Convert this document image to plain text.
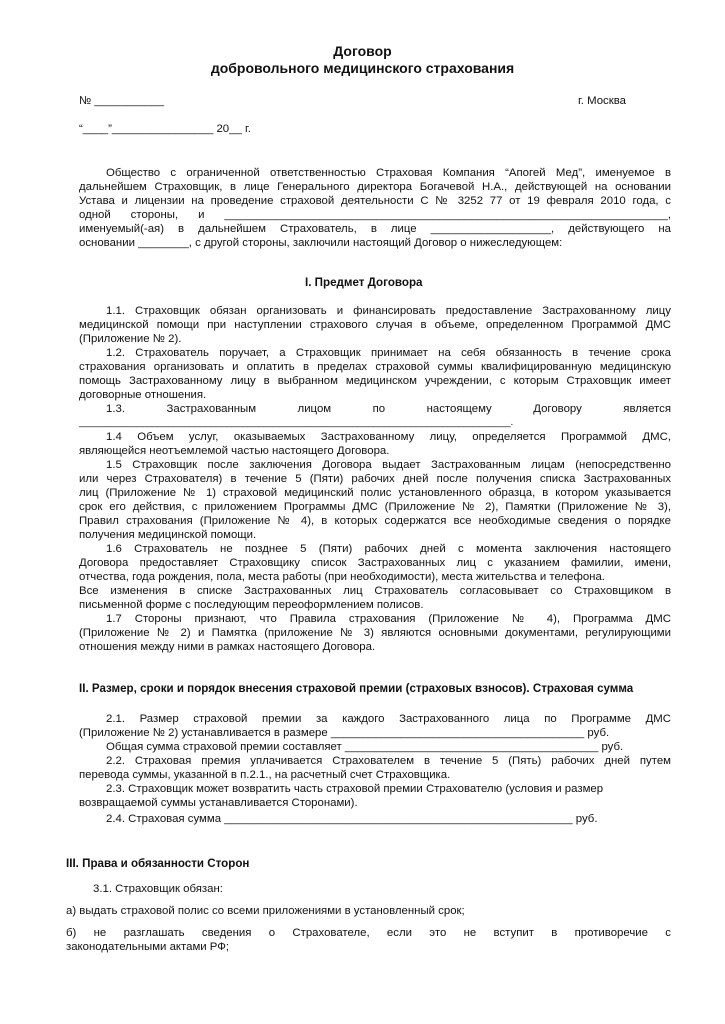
Договор
добровольного медицинского страхования
№ ___________	г. Москва
“____”________________ 20__ г.
Общество с ограниченной ответственностью Страховая Компания “Апогей Мед”, именуемое в
дальнейшем Страховщик, в лице Генерального директора Богачевой Н.А., действующей на основании
Устава и лицензии на проведение страховой деятельности С № 3252 77 от 19 февраля 2010 года, с
одной стороны, и ______________________________________________________________________,
именуемый(-ая) в дальнейшем Страхователь, в лице ___________________, действующего на
основании ________, с другой стороны, заключили настоящий Договор о нижеследующем:
I. Предмет Договора
1.1. Страховщик обязан организовать и финансировать предоставление Застрахованному лицу
медицинской помощи при наступлении страхового случая в объеме, определенном Программой ДМС
(Приложение № 2).
1.2. Страхователь поручает, а Страховщик принимает на себя обязанность в течение срока
страхования организовать и оплатить в пределах страховой суммы квалифицированную медицинскую
помощь Застрахованному лицу в выбранном медицинском учреждении, с которым Страховщик имеет
договорные отношения.
1.3. Застрахованным лицом по настоящему Договору является
__________________________________________________________________________________.
1.4 Объем услуг, оказываемых Застрахованному лицу, определяется Программой ДМС,
являющейся неотъемлемой частью настоящего Договора.
1.5 Страховщик после заключения Договора выдает Застрахованным лицам (непосредственно
или через Страхователя) в течение 5 (Пяти) рабочих дней после получения списка Застрахованных
лиц (Приложение № 1) страховой медицинский полис установленного образца, в котором указывается
срок его действия, с приложением Программы ДМС (Приложение № 2), Памятки (Приложение № 3),
Правил страхования (Приложение № 4), в которых содержатся все необходимые сведения о порядке
получения медицинской помощи.
1.6 Страхователь не позднее 5 (Пяти) рабочих дней с момента заключения настоящего
Договора предоставляет Страховщику список Застрахованных лиц с указанием фамилии, имени,
отчества, года рождения, пола, места работы (при необходимости), места жительства и телефона.
Все изменения в списке Застрахованных лиц Страхователь согласовывает со Страховщиком в
письменной форме с последующим переоформлением полисов.
1.7 Стороны признают, что Правила страхования (Приложение № 4), Программа ДМС
(Приложение № 2) и Памятка (приложение № 3) являются основными документами, регулирующими
отношения между ними в рамках настоящего Договора.
II. Размер, сроки и порядок внесения страховой премии (страховых взносов). Страховая сумма
2.1. Размер страховой премии за каждого Застрахованного лица по Программе ДМС
(Приложение № 2) устанавливается в размере ________________________________________ руб.
Общая сумма страховой премии составляет ________________________________________ руб.
2.2. Страховая премия уплачивается Страхователем в течение 5 (Пять) рабочих дней путем
перевода суммы, указанной в п.2.1., на расчетный счет Страховщика.
2.3. Страховщик может возвратить часть страховой премии Страхователю (условия и размер
возвращаемой суммы устанавливается Сторонами).
2.4. Страховая сумма _______________________________________________________ руб.
III. Права и обязанности Сторон
3.1. Страховщик обязан:
а) выдать страховой полис со всеми приложениями в установленный срок;
б) не разглашать сведения о Страхователе, если это не вступит в противоречие с
законодательными актами РФ;
